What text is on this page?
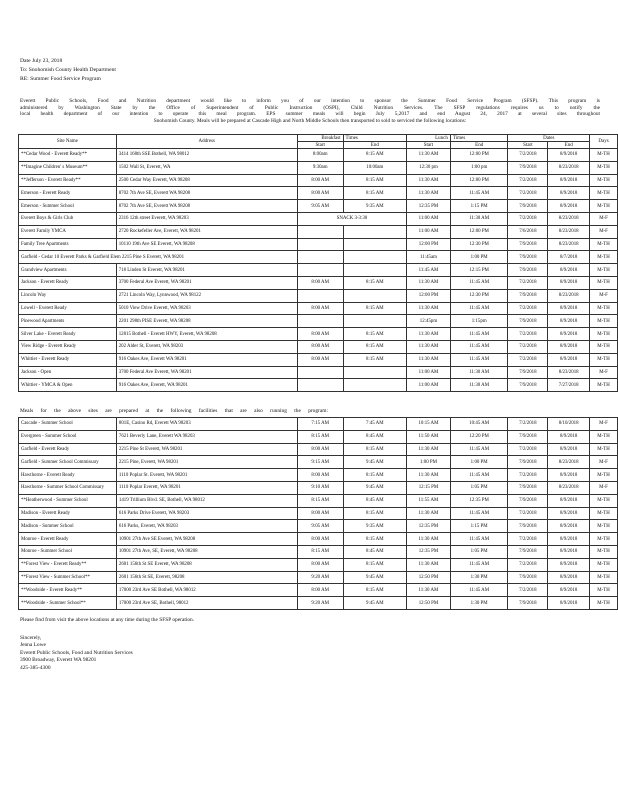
Date July 23, 2018
To: Snohomish County Health Department
RE: Summer Food Service Program
Everett Public Schools, Food and Nutrition department would like to inform you of our intention to sponsor the Summer Food Service Program (SFSP). This program is
administered by Washington State by the Office of Superintendent of Public Instruction (OSPI), Child Nutrition Services. The SFSP regulations requires us to notify the
local health department of our intention to operate this meal program. EPS summer meals will begin July 5,2017 and end August 24, 2017 at several sites throughout
Snohomish County. Meals will be prepared at Cascade High and North Middle Schools then transported to sold to serviced the following locations:
Site Name	Address	Breakfast	Times	Lunch	Times	Dates		Days
		Start	End	Start	End	Start	End	
**Cedar Wood - Everett Ready**	3414 168th SSE Bothell, WA 98012	8:00am	8:15 AM	11:30 AM	12:00 PM	7/2/2018	8/9/2018	M-TH
**Imagine Children' s Museum**	1502 Wall St, Everett, WA	9:30am	10:00am	12:30 pm	1:00 pm	7/9/2018	8/23/2018	M-TH
**Jefferson - Everett Ready**	2500 Cedar Way Everett, WA 98208	8:00 AM	8:15 AM	11:30 AM	12:00 PM	7/2/2018	8/9/2018	M-TH
Emerson - Everett Ready	8702 7th Ave SE, Everett WA 98208	8:00 AM	8:15 AM	11:30 AM	11:45 AM	7/2/2018	8/9/2018	M-TH
Emerson - Summer School	8702 7th Ave SE, Everett WA 98208	9:05 AM	9:35 AM	12:35 PM	1:15 PM	7/9/2018	8/9/2018	M-TH
Everett Boys & Girls Club	2316 12th street Everett, WA 98203	SNACK 3-3:30		11:00 AM	11:30 AM	7/2/2018	8/23/2018	M-F
Everett Family YMCA	2720 Rockefeller Ave, Everett, WA 98201			11:00 AM	12:00 PM	7/6/2018	8/23/2018	M-F
Family Tree Apartments	10110 19th Ave SE Everett, WA 98208			12:00 PM	12:30 PM	7/9/2018	8/23/2018	M-TH
Garfield - Cedar 10 Everett Parks & Garfield Elem 2215 Pine S Everett, WA 98201				11:45am	1:00 PM	7/9/2018	8/7/2018	M-TH
Grandview Apartments	718 Linden St Everett, WA 98201			11:45 AM	12:15 PM	7/9/2018	8/9/2018	M-TH
Jackson - Everett Ready	3700 Federal Ave Everett, WA 98201	8:00 AM	8:15 AM	11:30 AM	11:45 AM	7/2/2018	8/9/2018	M-TH
Lincoln Way	2721 Lincoln Way, Lynnwood, WA 98122			12:00 PM	12:30 PM	7/9/2018	8/23/2018	M-F
Lowell - Everett Ready	5010 View Drive Everett, WA 98203	8:00 AM	8:15 AM	11:30 AM	11:45 AM	7/2/2018	8/9/2018	M-TH
Pinewood Apartments	2201 298th PISE Everett, WA 98208			12:45pm	1:15pm	7/9/2018	8/9/2018	M-TH
Silver Lake - Everett Ready	12815 Bothell - Everett HWY, Everett, WA 98208	8:00 AM	8:15 AM	11:30 AM	11:45 AM	7/2/2018	8/9/2018	M-TH
View Ridge - Everett Ready	202 Alder St, Everett, WA 98203	8:00 AM	8:15 AM	11:30 AM	11:45 AM	7/2/2018	8/9/2018	M-TH
Whittier - Everett Ready	916 Oakes Ave, Everett WA 98201	8:00 AM	8:15 AM	11:30 AM	11:45 AM	7/2/2018	8/9/2018	M-TH
Jackson - Open	3700 Federal Ave Everett, WA 98201			11:00 AM	11:30 AM	7/9/2018	8/23/2018	M-F
Whittier - YMCA & Open	916 Oakes Ave, Everett, WA 98201			11:00 AM	11:30 AM	7/9/2018	7/27/2018	M-TH
Meals for the above sites are prepared at the following facilities that are also running the program:
Cascade - Summer School	801E, Casino Rd, Everett WA 98203	7:15 AM	7:45 AM	10:15 AM	10:45 AM	7/2/2018	8/10/2018	M-F
Evergreen - Summer School	7621 Beverly Lane, Everett WA 98203	8:15 AM	8:45 AM	11:50 AM	12:20 PM	7/9/2018	8/9/2018	M-TH
Garfield - Everett Ready	2215 Pine St Everett, WA 98201	8:00 AM	8:15 AM	11:30 AM	11:45 AM	7/2/2018	8/9/2018	M-TH
Garfield - Summer School Commissary	2215 Pine, Everett, WA 98201	9:15 AM	9:45 AM	1:00 PM	1:00 PM	7/9/2018	8/23/2018	M-F
Hawthorne - Everett Ready	1110 Poplar St. Everett, WA 98201	8:00 AM	8:15 AM	11:30 AM	11:45 AM	7/2/2018	8/9/2018	M-TH
Hawthorne - Summer School Commissary	1110 Poplar Everett, WA 98201	9:10 AM	9:45 AM	12:15 PM	1:05 PM	7/9/2018	8/23/2018	M-F
**Heatherwood - Summer School	1419 Trillium Blvd. SE, Bothell, WA 98012	8:15 AM	8:45 AM	11:55 AM	12:35 PM	7/9/2018	8/9/2018	M-TH
Madison - Everett Ready	616 Parks Drive Everett, WA 98203	8:00 AM	8:15 AM	11:30 AM	11:45 AM	7/2/2018	8/9/2018	M-TH
Madison - Summer School	616 Parks, Everett, WA 98203	9:05 AM	9:35 AM	12:35 PM	1:15 PM	7/9/2018	8/9/2018	M-TH
Monroe - Everett Ready	10901 27th Ave SE Everett, WA 98208	8:00 AM	8:15 AM	11:30 AM	11:45 AM	7/2/2018	8/9/2018	M-TH
Monroe - Summer School	10901 27th Ave, SE, Everett, WA 98208	8:15 AM	8:45 AM	12:35 PM	1:05 PM	7/9/2018	8/9/2018	M-TH
**Forest View - Everett Ready**	2601 156th St SE Everett, WA 98208	8:00 AM	8:15 AM	11:30 AM	11:45 AM	7/2/2018	8/9/2018	M-TH
**Forest View - Summer School**	2601 156th St SE, Everett, 98208	9:20 AM	9:45 AM	12:50 PM	1:30 PM	7/9/2018	8/9/2018	M-TH
**Woodside - Everett Ready**	17000 23rd Ave SE Bothell, WA 98012	8:00 AM	8:15 AM	11:30 AM	11:45 AM	7/2/2018	8/9/2018	M-TH
**Woodside - Summer School**	17000 23rd Ave SE, Bothell, 98012	9:20 AM	9:45 AM	12:50 PM	1:30 PM	7/9/2018	8/9/2018	M-TH
Please find from visit the above locations at any time during the SFSP operation.
Sincerely,
Jenna Lowe
Everett Public Schools, Food and Nutrition Services
3900 Broadway, Everett WA 98201
425-385-4300
